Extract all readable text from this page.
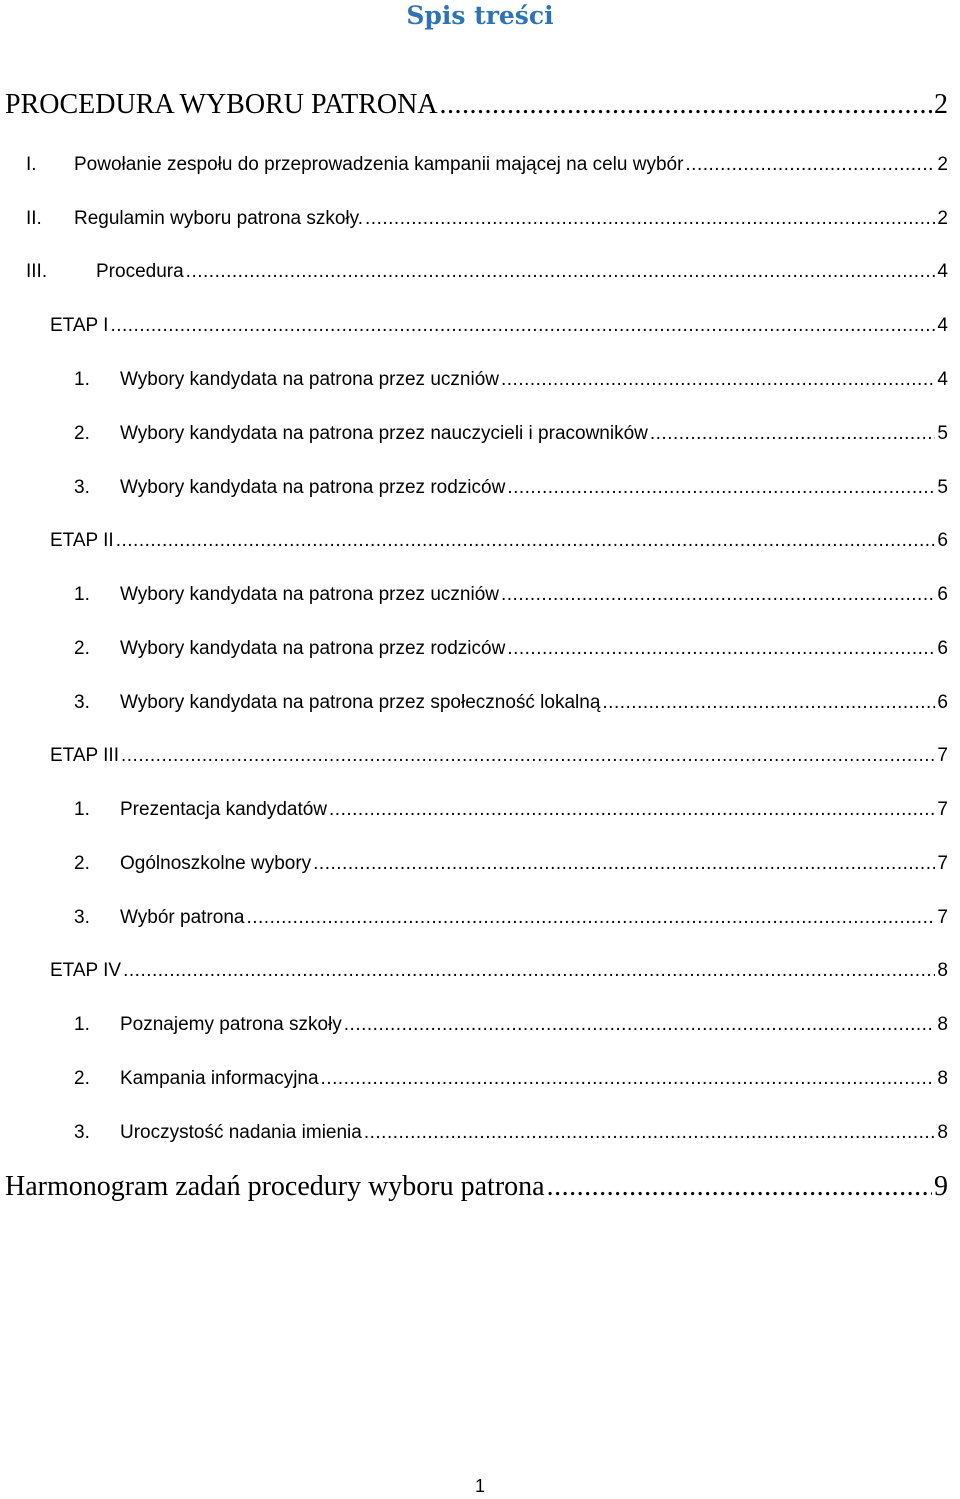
Spis treści
PROCEDURA WYBORU PATRONA .....	2
I.	Powołanie zespołu do przeprowadzenia kampanii mającej na celu wybór .....	2
II.	Regulamin wyboru patrona szkoły. .....	2
III.	Procedura .....	4
ETAP I .....	4
1.	Wybory kandydata na patrona przez uczniów .....	4
2.	Wybory kandydata na patrona przez nauczycieli i pracowników .....	5
3.	Wybory kandydata na patrona przez rodziców .....	5
ETAP II .....	6
1.	Wybory kandydata na patrona przez uczniów .....	6
2.	Wybory kandydata na patrona przez rodziców .....	6
3.	Wybory kandydata na patrona przez społeczność lokalną .....	6
ETAP III .....	7
1.	Prezentacja kandydatów .....	7
2.	Ogólnoszkolne wybory .....	7
3.	Wybór patrona .....	7
ETAP IV .....	8
1.	Poznajemy patrona szkoły .....	8
2.	Kampania informacyjna .....	8
3.	Uroczystość nadania imienia .....	8
Harmonogram zadań procedury wyboru patrona .....	9
1
